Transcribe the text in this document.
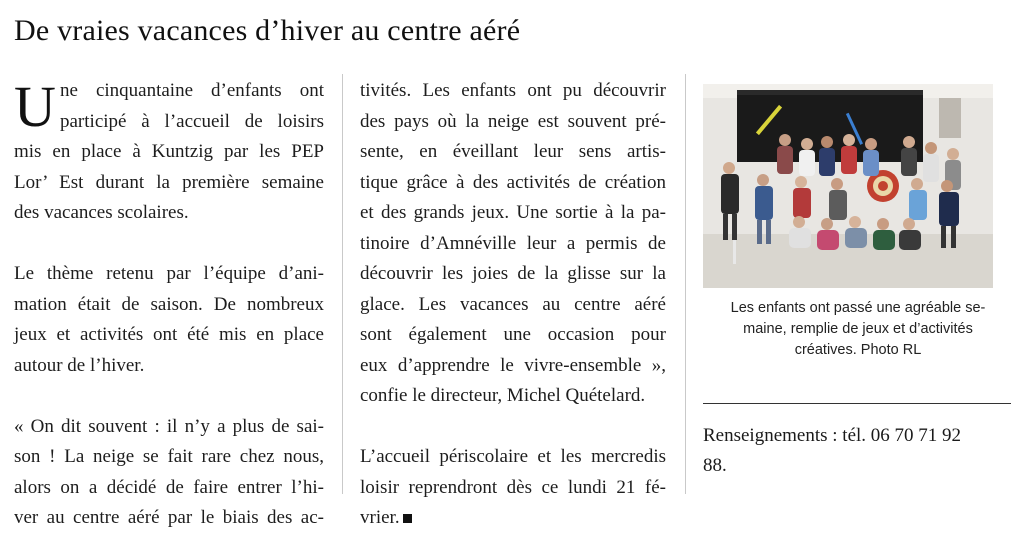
De vraies vacances d’hiver au centre aéré
U ne cinquantaine d’enfants ont
participé à l’accueil de loisirs
mis en place à Kuntzig par les PEP
Lor’ Est durant la première semaine
des vacances scolaires.
Le thème retenu par l’équipe d’ani-
mation était de saison. De nombreux
jeux et activités ont été mis en place
autour de l’hiver.
« On dit souvent : il n’y a plus de sai-
son ! La neige se fait rare chez nous,
alors on a décidé de faire entrer l’hi-
ver au centre aéré par le biais des ac-
tivités. Les enfants ont pu découvrir
des pays où la neige est souvent pré-
sente, en éveillant leur sens artis-
tique grâce à des activités de création
et des grands jeux. Une sortie à la pa-
tinoire d’Amnéville leur a permis de
découvrir les joies de la glisse sur la
glace. Les vacances au centre aéré
sont également une occasion pour
eux d’apprendre le vivre-ensemble »,
confie le directeur, Michel Quételard.
L’accueil périscolaire et les mercredis
loisir reprendront dès ce lundi 21 fé-
vrier.
Les enfants ont passé une agréable se-
maine, remplie de jeux et d’activités
créatives. Photo RL
Renseignements : tél. 06 70 71 92
88.
